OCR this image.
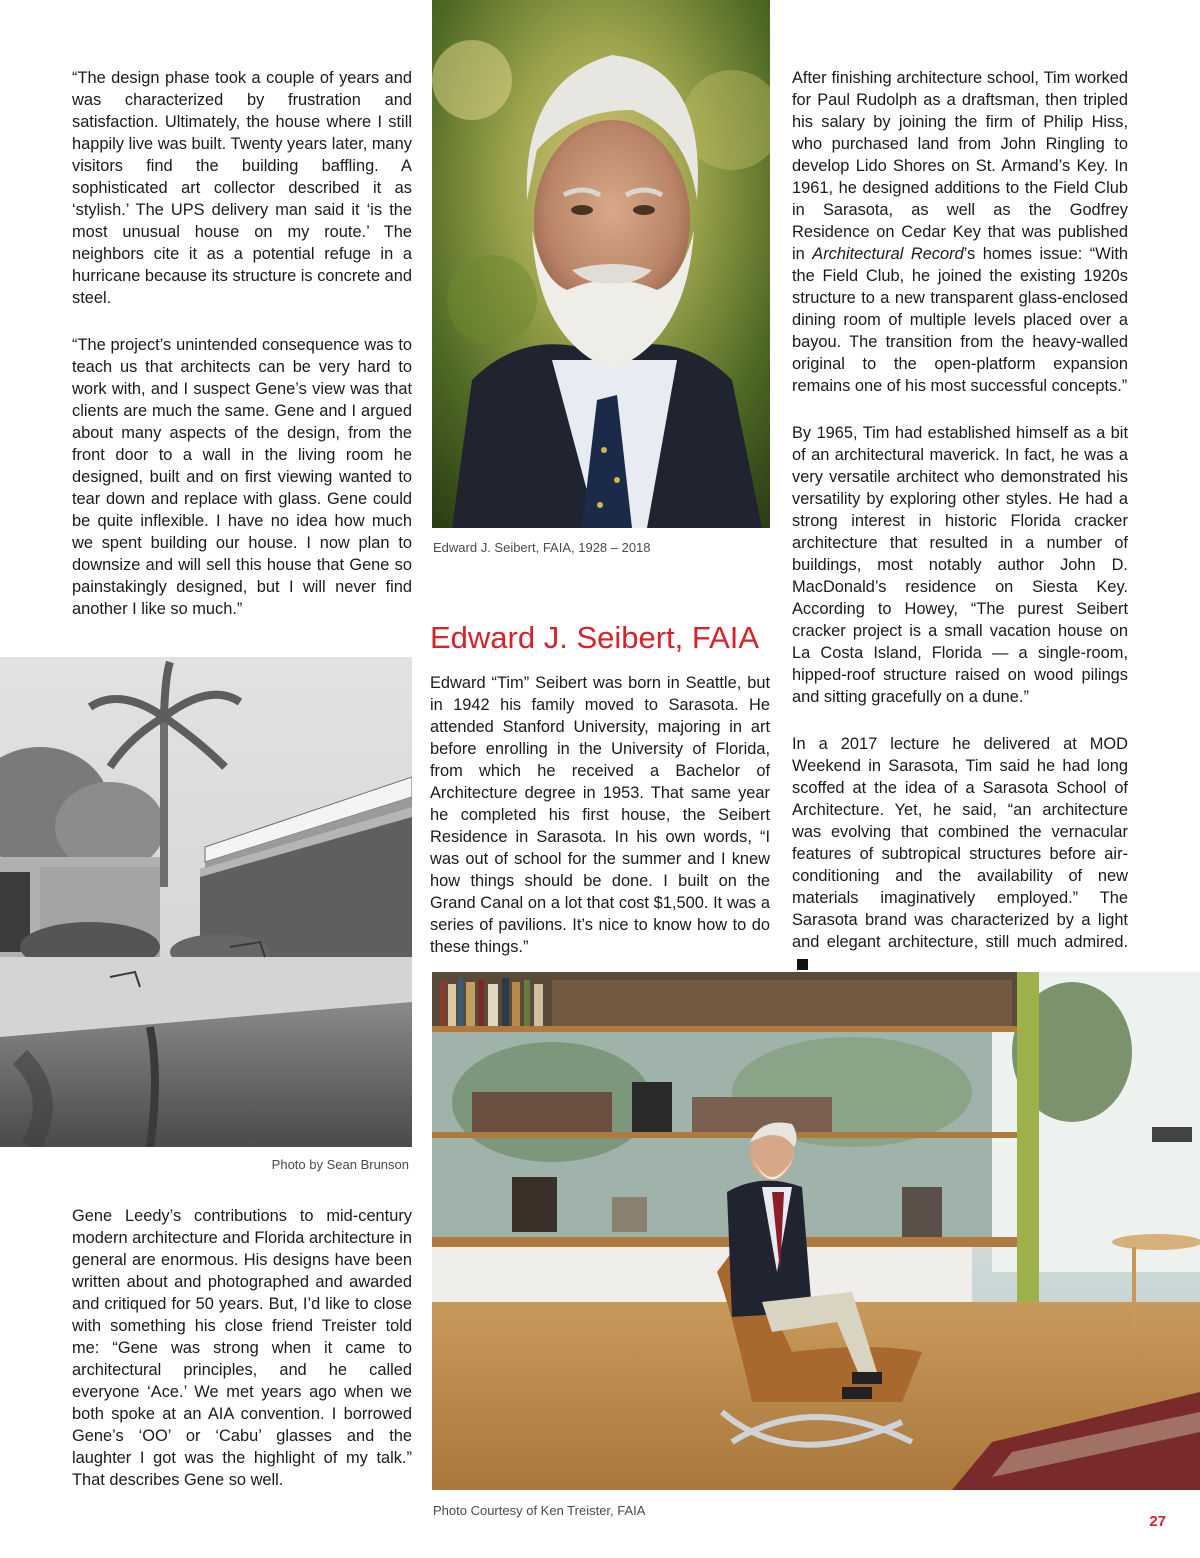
“The design phase took a couple of years and was characterized by frustration and satisfaction. Ultimately, the house where I still happily live was built. Twenty years later, many visitors find the building baffling. A sophisticated art collector described it as ‘stylish.’ The UPS delivery man said it ‘is the most unusual house on my route.’ The neighbors cite it as a potential refuge in a hurricane because its structure is concrete and steel.

“The project’s unintended consequence was to teach us that architects can be very hard to work with, and I suspect Gene’s view was that clients are much the same. Gene and I argued about many aspects of the design, from the front door to a wall in the living room he designed, built and on first viewing wanted to tear down and replace with glass. Gene could be quite inflexible. I have no idea how much we spent building our house. I now plan to downsize and will sell this house that Gene so painstakingly designed, but I will never find another I like so much.”

Edward J. Seibert, FAIA, 1928 – 2018
Edward J. Seibert, FAIA

Edward “Tim” Seibert was born in Seattle, but in 1942 his family moved to Sarasota. He attended Stanford University, majoring in art before enrolling in the University of Florida, from which he received a Bachelor of Architecture degree in 1953. That same year he completed his first house, the Seibert Residence in Sarasota. In his own words, “I was out of school for the summer and I knew how things should be done. I built on the Grand Canal on a lot that cost $1,500. It was a series of pavilions. It’s nice to know how to do these things.”

After finishing architecture school, Tim worked for Paul Rudolph as a draftsman, then tripled his salary by joining the firm of Philip Hiss, who purchased land from John Ringling to develop Lido Shores on St. Armand’s Key. In 1961, he designed additions to the Field Club in Sarasota, as well as the Godfrey Residence on Cedar Key that was published in Architectural Record’s homes issue: “With the Field Club, he joined the existing 1920s structure to a new transparent glass-enclosed dining room of multiple levels placed over a bayou. The transition from the heavy-walled original to the open-platform expansion remains one of his most successful concepts.”

By 1965, Tim had established himself as a bit of an architectural maverick. In fact, he was a very versatile architect who demonstrated his versatility by exploring other styles. He had a strong interest in historic Florida cracker architecture that resulted in a number of buildings, most notably author John D. MacDonald’s residence on Siesta Key. According to Howey, “The purest Seibert cracker project is a small vacation house on La Costa Island, Florida — a single-room, hipped-roof structure raised on wood pilings and sitting gracefully on a dune.”

In a 2017 lecture he delivered at MOD Weekend in Sarasota, Tim said he had long scoffed at the idea of a Sarasota School of Architecture. Yet, he said, “an architecture was evolving that combined the vernacular features of subtropical structures before air-conditioning and the availability of new materials imaginatively employed.” The Sarasota brand was characterized by a light and elegant architecture, still much admired.

Photo by Sean Brunson

Gene Leedy’s contributions to mid-century modern architecture and Florida architecture in general are enormous. His designs have been written about and photographed and awarded and critiqued for 50 years. But, I’d like to close with something his close friend Treister told me: “Gene was strong when it came to architectural principles, and he called everyone ‘Ace.’ We met years ago when we both spoke at an AIA convention. I borrowed Gene’s ‘OO’ or ‘Cabu’ glasses and the laughter I got was the highlight of my talk.” That describes Gene so well.

Photo Courtesy of Ken Treister, FAIA
27
